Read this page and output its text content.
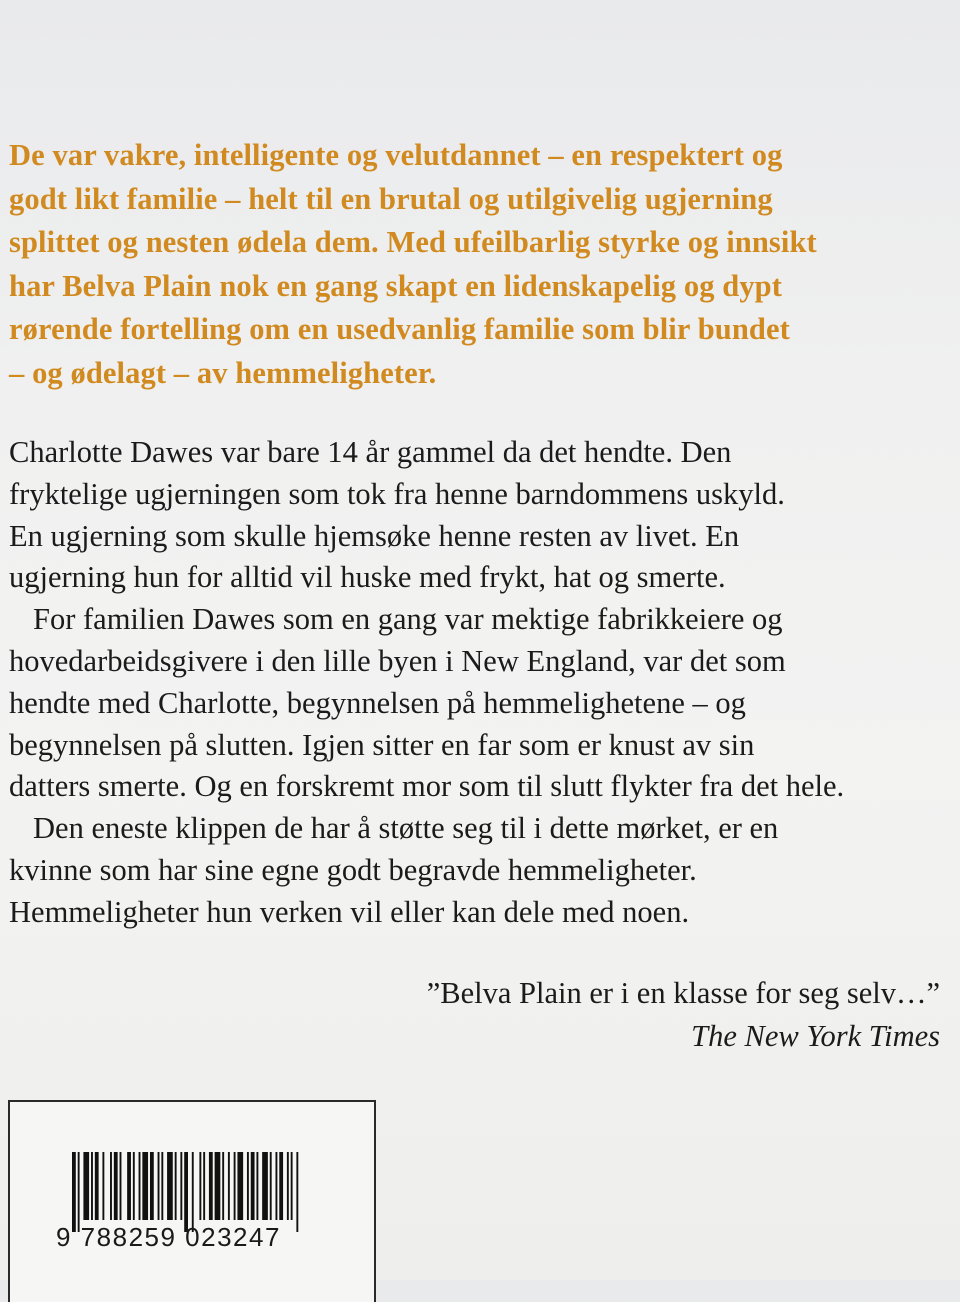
De var vakre, intelligente og velutdannet – en respektert og
godt likt familie – helt til en brutal og utilgivelig ugjerning
splittet og nesten ødela dem. Med ufeilbarlig styrke og innsikt
har Belva Plain nok en gang skapt en lidenskapelig og dypt
rørende fortelling om en usedvanlig familie som blir bundet
– og ødelagt – av hemmeligheter.
Charlotte Dawes var bare 14 år gammel da det hendte. Den
fryktelige ugjerningen som tok fra henne barndommens uskyld.
En ugjerning som skulle hjemsøke henne resten av livet. En
ugjerning hun for alltid vil huske med frykt, hat og smerte.
For familien Dawes som en gang var mektige fabrikkeiere og
hovedarbeidsgivere i den lille byen i New England, var det som
hendte med Charlotte, begynnelsen på hemmelighetene – og
begynnelsen på slutten. Igjen sitter en far som er knust av sin
datters smerte. Og en forskremt mor som til slutt flykter fra det hele.
Den eneste klippen de har å støtte seg til i dette mørket, er en
kvinne som har sine egne godt begravde hemmeligheter.
Hemmeligheter hun verken vil eller kan dele med noen.
”Belva Plain er i en klasse for seg selv…”
The New York Times
9 788259 023247
